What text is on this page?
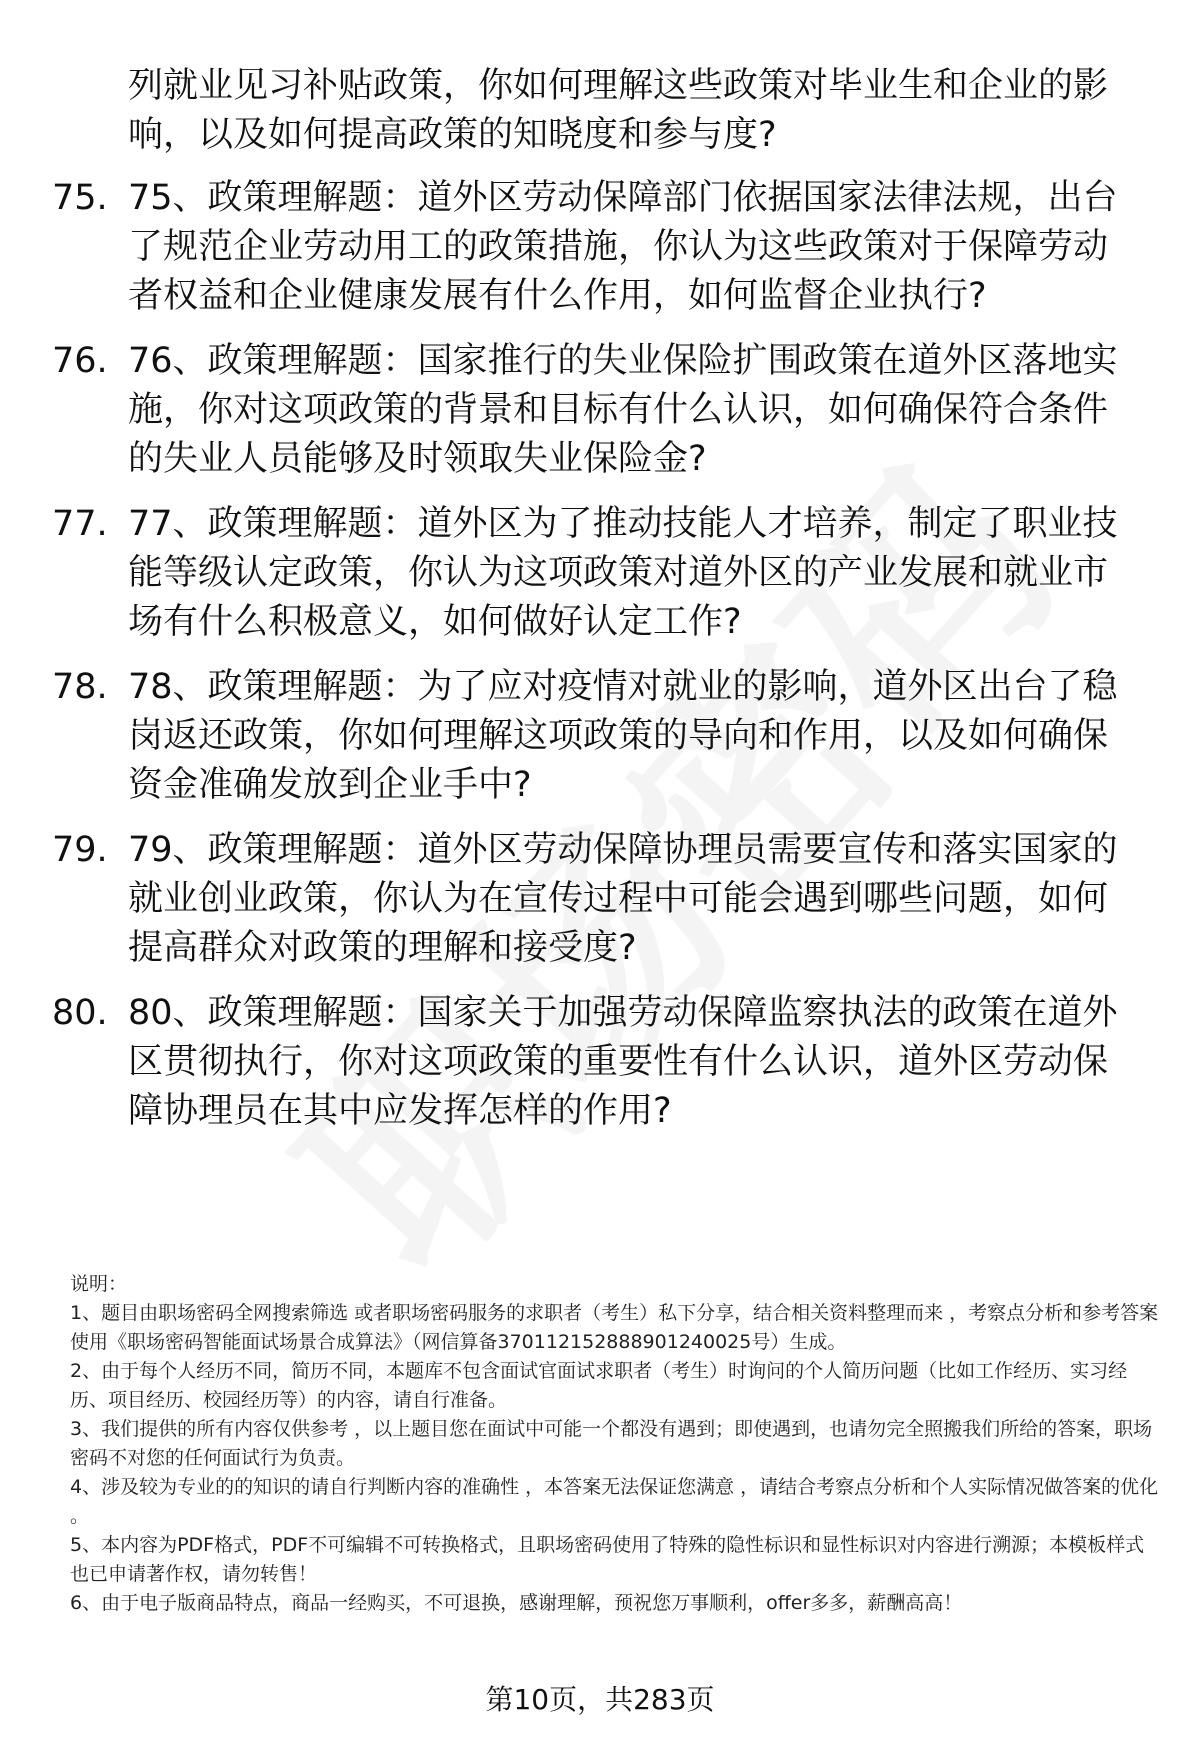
列就业见习补贴政策，你如何理解这些政策对毕业生和企业的影响，以及如何提高政策的知晓度和参与度?

75. 75、政策理解题：道外区劳动保障部门依据国家法律法规，出台了规范企业劳动用工的政策措施，你认为这些政策对于保障劳动者权益和企业健康发展有什么作用，如何监督企业执行?
76. 76、政策理解题：国家推行的失业保险扩围政策在道外区落地实施，你对这项政策的背景和目标有什么认识，如何确保符合条件的失业人员能够及时领取失业保险金?
77. 77、政策理解题：道外区为了推动技能人才培养，制定了职业技能等级认定政策，你认为这项政策对道外区的产业发展和就业市场有什么积极意义，如何做好认定工作?
78. 78、政策理解题：为了应对疫情对就业的影响，道外区出台了稳岗返还政策，你如何理解这项政策的导向和作用，以及如何确保资金准确发放到企业手中?
79. 79、政策理解题：道外区劳动保障协理员需要宣传和落实国家的就业创业政策，你认为在宣传过程中可能会遇到哪些问题，如何提高群众对政策的理解和接受度?
80. 80、政策理解题：国家关于加强劳动保障监察执法的政策在道外区贯彻执行，你对这项政策的重要性有什么认识，道外区劳动保障协理员在其中应发挥怎样的作用?

说明：

1、题目由职场密码全网搜索筛选 或者职场密码服务的求职者（考生）私下分享，结合相关资料整理而来 ，考察点分析和参考答案使用《职场密码智能面试场景合成算法》（网信算备370112152888901240025号）生成。

2、由于每个人经历不同，简历不同，本题库不包含面试官面试求职者（考生）时询问的个人简历问题（比如工作经历、实习经历、项目经历、校园经历等）的内容，请自行准备。

3、我们提供的所有内容仅供参考 ，以上题目您在面试中可能一个都没有遇到；即使遇到，也请勿完全照搬我们所给的答案，职场密码不对您的任何面试行为负责。

4、涉及较为专业的的知识的请自行判断内容的准确性 ，本答案无法保证您满意 ，请结合考察点分析和个人实际情况做答案的优化 。

5、本内容为PDF格式，PDF不可编辑不可转换格式，且职场密码使用了特殊的隐性标识和显性标识对内容进行溯源；本模板样式也已申请著作权，请勿转售！

6、由于电子版商品特点，商品一经购买，不可退换，感谢理解，预祝您万事顺利，offer多多，薪酬高高！

第10页，共283页
